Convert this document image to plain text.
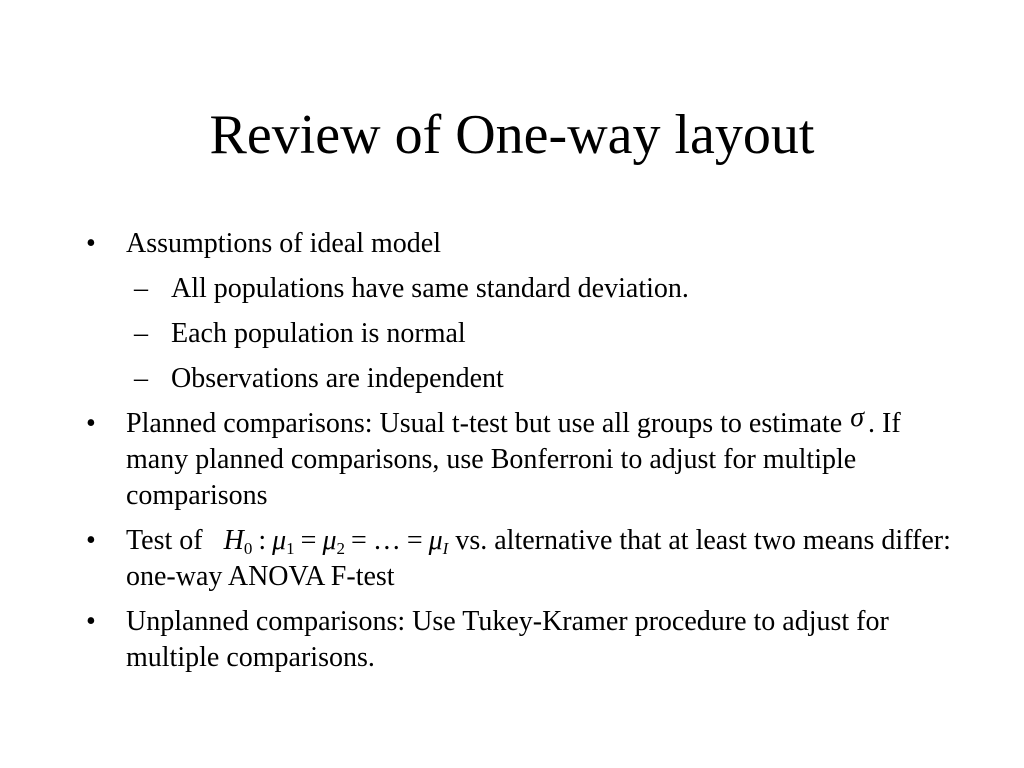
Review of One-way layout

•	Assumptions of ideal model

– All populations have same standard deviation.

– Each population is normal

– Observations are independent

•	Planned comparisons: Usual t-test but use all groups to estimate σ . If many planned comparisons, use Bonferroni to adjust for multiple comparisons

•	Test of $H_0$ : $\mu_1 = \mu_2$ = … = $\mu_I$ vs. alternative that at least two means differ: one-way ANOVA F-test

•	Unplanned comparisons: Use Tukey-Kramer procedure to adjust for multiple comparisons.
